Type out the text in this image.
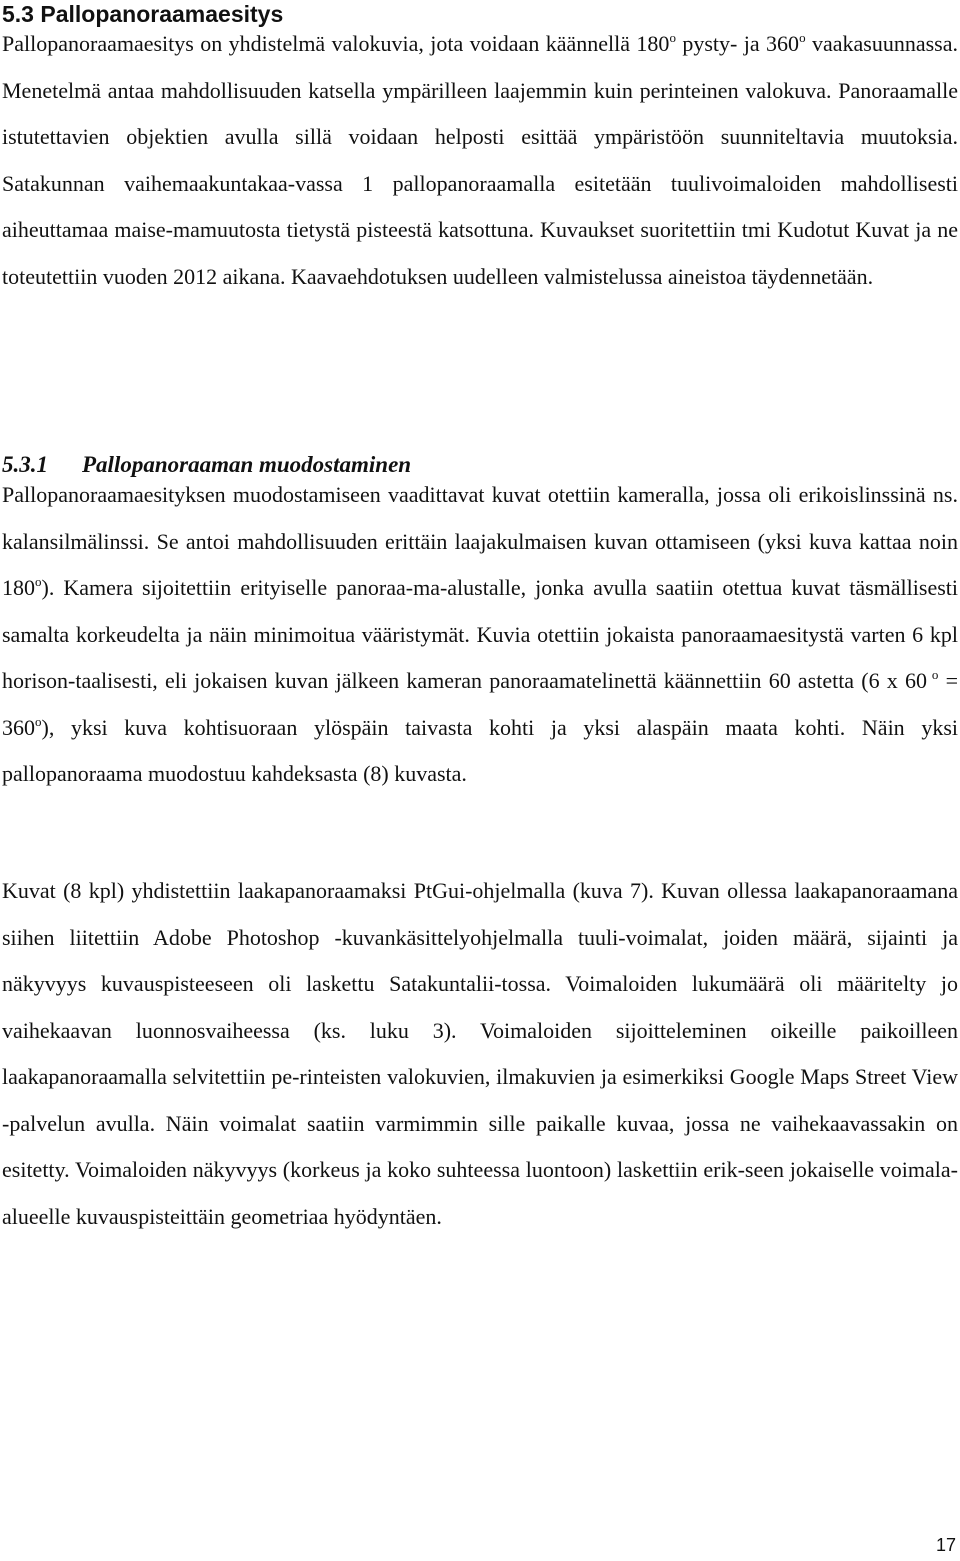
5.3 Pallopanoraamaesitys

Pallopanoraamaesitys on yhdistelmä valokuvia, jota voidaan käännellä 180$^o$ pysty- ja 360$^o$ vaakasuunnassa. Menetelmä antaa mahdollisuuden katsella ympärilleen laajemmin kuin perinteinen valokuva. Panoraamalle istutettavien objektien avulla sillä voidaan helposti esittää ympäristöön suunniteltavia muutoksia. Satakunnan vaihemaakuntakaa-vassa 1 pallopanoraamalla esitetään tuulivoimaloiden mahdollisesti aiheuttamaa maise-mamuutosta tietystä pisteestä katsottuna. Kuvaukset suoritettiin tmi Kudotut Kuvat ja ne toteutettiin vuoden 2012 aikana. Kaavaehdotuksen uudelleen valmistelussa aineistoa täydennetään.

5.3.1 Pallopanoraaman muodostaminen

Pallopanoraamaesityksen muodostamiseen vaadittavat kuvat otettiin kameralla, jossa oli erikoislinssinä ns. kalansilmälinssi. Se antoi mahdollisuuden erittäin laajakulmaisen kuvan ottamiseen (yksi kuva kattaa noin 180$^o$). Kamera sijoitettiin erityiselle panoraa-ma-alustalle, jonka avulla saatiin otettua kuvat täsmällisesti samalta korkeudelta ja näin minimoitua vääristymät. Kuvia otettiin jokaista panoraamaesitystä varten 6 kpl horison-taalisesti, eli jokaisen kuvan jälkeen kameran panoraamatelinettä käännettiin 60 astetta (6 x 60 $^o = 360^o$), yksi kuva kohtisuoraan ylöspäin taivasta kohti ja yksi alaspäin maata kohti. Näin yksi pallopanoraama muodostuu kahdeksasta (8) kuvasta.

Kuvat (8 kpl) yhdistettiin laakapanoraamaksi PtGui-ohjelmalla (kuva 7). Kuvan ollessa laakapanoraamana siihen liitettiin Adobe Photoshop -kuvankäsittelyohjelmalla tuuli-voimalat, joiden määrä, sijainti ja näkyvyys kuvauspisteeseen oli laskettu Satakuntalii-tossa. Voimaloiden lukumäärä oli määritelty jo vaihekaavan luonnosvaiheessa (ks. luku 3). Voimaloiden sijoitteleminen oikeille paikoilleen laakapanoraamalla selvitettiin pe-rinteisten valokuvien, ilmakuvien ja esimerkiksi Google Maps Street View -palvelun avulla. Näin voimalat saatiin varmimmin sille paikalle kuvaa, jossa ne vaihekaavassakin on esitetty. Voimaloiden näkyvyys (korkeus ja koko suhteessa luontoon) laskettiin erik-seen jokaiselle voimala-alueelle kuvauspisteittäin geometriaa hyödyntäen.

17
